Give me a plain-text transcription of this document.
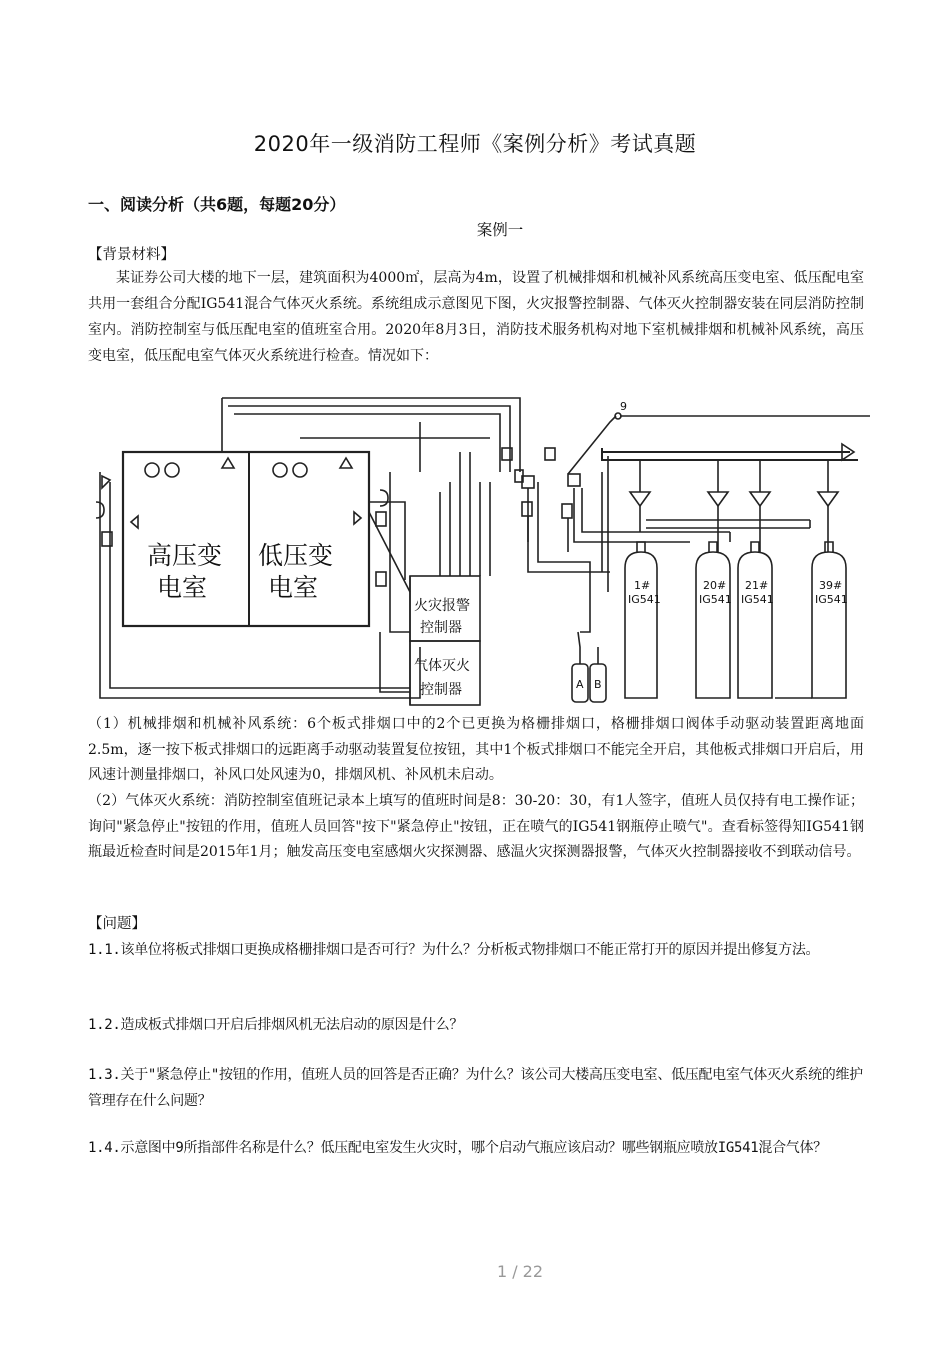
2020年一级消防工程师《案例分析》考试真题
一、阅读分析（共6题，每题20分）
案例一
【背景材料】
某证券公司大楼的地下一层，建筑面积为4000㎡，层高为4m，设置了机械排烟和机械补风系统高压变电室、低压配电室共用一套组合分配IG541混合气体灭火系统。系统组成示意图见下图，火灾报警控制器、气体灭火控制器安装在同层消防控制室内。消防控制室与低压配电室的值班室合用。2020年8月3日，消防技术服务机构对地下室机械排烟和机械补风系统，高压变电室，低压配电室气体灭火系统进行检查。情况如下：
高压变
电室
低压变
电室
火灾报警
控制器
气体灭火
控制器	A B
9
1#
IG541
20#
IG541
21#
IG541
39#
IG541
（1）机械排烟和机械补风系统：6个板式排烟口中的2个已更换为格栅排烟口，格栅排烟口阀体手动驱动装置距离地面2.5m，逐一按下板式排烟口的远距离手动驱动装置复位按钮，其中1个板式排烟口不能完全开启，其他板式排烟口开启后，用风速计测量排烟口，补风口处风速为0，排烟风机、补风机未启动。
（2）气体灭火系统：消防控制室值班记录本上填写的值班时间是8：30-20：30，有1人签字，值班人员仅持有电工操作证；询问"紧急停止"按钮的作用，值班人员回答"按下"紧急停止"按钮，正在喷气的IG541钢瓶停止喷气"。查看标签得知IG541钢瓶最近检查时间是2015年1月；触发高压变电室感烟火灾探测器、感温火灾探测器报警，气体灭火控制器接收不到联动信号。
【问题】
1.1.该单位将板式排烟口更换成格栅排烟口是否可行？为什么？分析板式物排烟口不能正常打开的原因并提出修复方法。
1.2.造成板式排烟口开启后排烟风机无法启动的原因是什么？
1.3.关于"紧急停止"按钮的作用，值班人员的回答是否正确？为什么？该公司大楼高压变电室、低压配电室气体灭火系统的维护管理存在什么问题？
1.4.示意图中9所指部件名称是什么？低压配电室发生火灾时，哪个启动气瓶应该启动？哪些钢瓶应喷放IG541混合气体？
1 / 22
